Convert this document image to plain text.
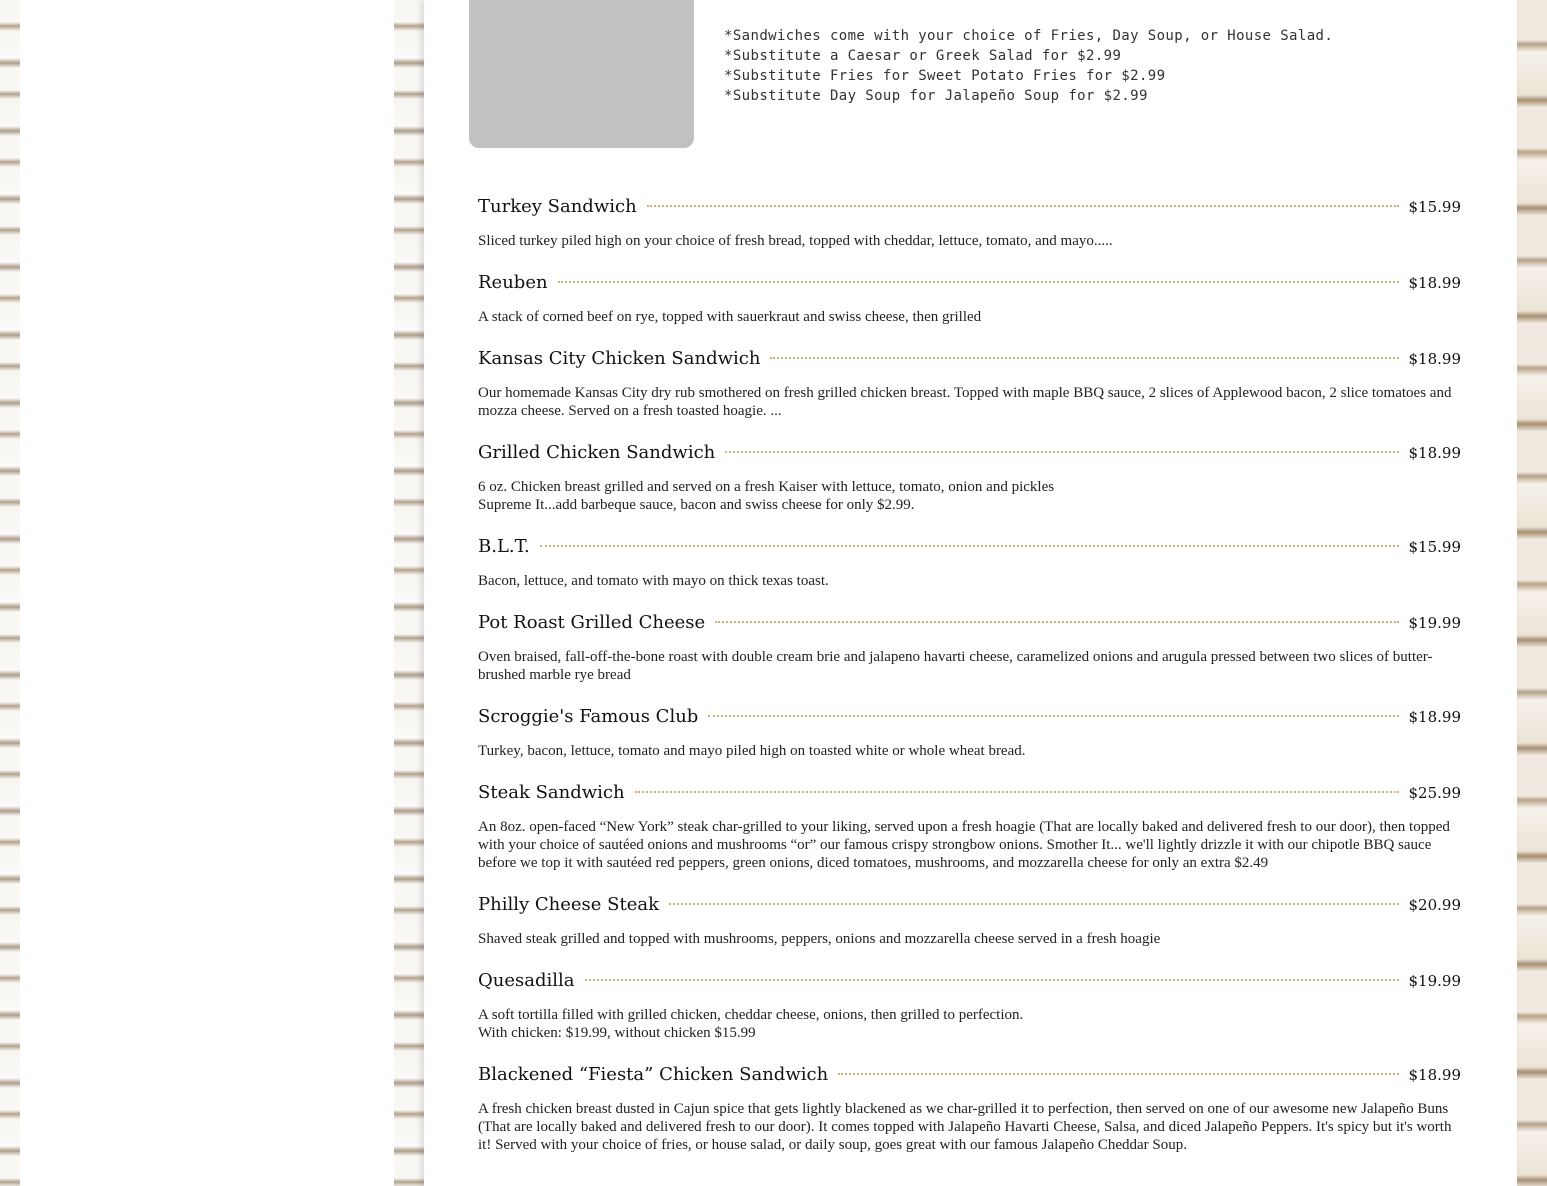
*Sandwiches come with your choice of Fries, Day Soup, or House Salad.
*Substitute a Caesar or Greek Salad for $2.99
*Substitute Fries for Sweet Potato Fries for $2.99
*Substitute Day Soup for Jalapeño Soup for $2.99
Turkey Sandwich	$15.99
Sliced turkey piled high on your choice of fresh bread, topped with cheddar, lettuce, tomato, and mayo.....
Reuben	$18.99
A stack of corned beef on rye, topped with sauerkraut and swiss cheese, then grilled
Kansas City Chicken Sandwich	$18.99
Our homemade Kansas City dry rub smothered on fresh grilled chicken breast. Topped with maple BBQ sauce, 2 slices of Applewood bacon, 2 slice tomatoes and mozza cheese. Served on a fresh toasted hoagie. ...
Grilled Chicken Sandwich	$18.99
6 oz. Chicken breast grilled and served on a fresh Kaiser with lettuce, tomato, onion and pickles
Supreme It...add barbeque sauce, bacon and swiss cheese for only $2.99.
B.L.T.	$15.99
Bacon, lettuce, and tomato with mayo on thick texas toast.
Pot Roast Grilled Cheese	$19.99
Oven braised, fall-off-the-bone roast with double cream brie and jalapeno havarti cheese, caramelized onions and arugula pressed between two slices of butter-brushed marble rye bread
Scroggie's Famous Club	$18.99
Turkey, bacon, lettuce, tomato and mayo piled high on toasted white or whole wheat bread.
Steak Sandwich	$25.99
An 8oz. open-faced “New York” steak char-grilled to your liking, served upon a fresh hoagie (That are locally baked and delivered fresh to our door), then topped with your choice of sautéed onions and mushrooms “or” our famous crispy strongbow onions. Smother It... we'll lightly drizzle it with our chipotle BBQ sauce before we top it with sautéed red peppers, green onions, diced tomatoes, mushrooms, and mozzarella cheese for only an extra $2.49
Philly Cheese Steak	$20.99
Shaved steak grilled and topped with mushrooms, peppers, onions and mozzarella cheese served in a fresh hoagie
Quesadilla	$19.99
A soft tortilla filled with grilled chicken, cheddar cheese, onions, then grilled to perfection.
With chicken: $19.99, without chicken $15.99
Blackened “Fiesta” Chicken Sandwich	$18.99
A fresh chicken breast dusted in Cajun spice that gets lightly blackened as we char-grilled it to perfection, then served on one of our awesome new Jalapeño Buns (That are locally baked and delivered fresh to our door). It comes topped with Jalapeño Havarti Cheese, Salsa, and diced Jalapeño Peppers. It's spicy but it's worth it! Served with your choice of fries, or house salad, or daily soup, goes great with our famous Jalapeño Cheddar Soup.
